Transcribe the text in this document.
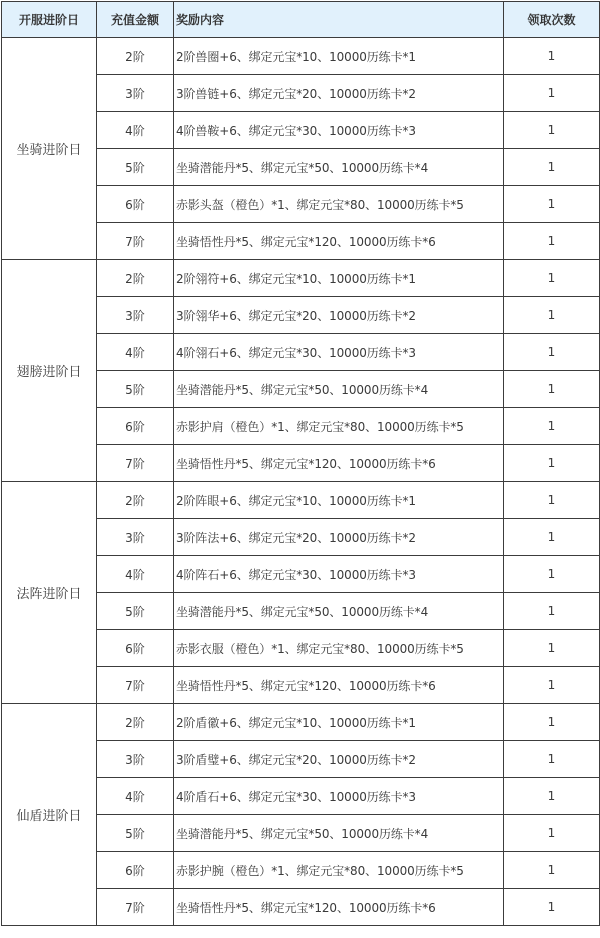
开服进阶日	充值金额	奖励内容	领取次数
坐骑进阶日	2阶	2阶兽圈+6、绑定元宝*10、10000历练卡*1	1
	3阶	3阶兽链+6、绑定元宝*20、10000历练卡*2	1
	4阶	4阶兽鞍+6、绑定元宝*30、10000历练卡*3	1
	5阶	坐骑潜能丹*5、绑定元宝*50、10000历练卡*4	1
	6阶	赤影头盔（橙色）*1、绑定元宝*80、10000历练卡*5	1
	7阶	坐骑悟性丹*5、绑定元宝*120、10000历练卡*6	1
翅膀进阶日	2阶	2阶翎符+6、绑定元宝*10、10000历练卡*1	1
	3阶	3阶翎华+6、绑定元宝*20、10000历练卡*2	1
	4阶	4阶翎石+6、绑定元宝*30、10000历练卡*3	1
	5阶	坐骑潜能丹*5、绑定元宝*50、10000历练卡*4	1
	6阶	赤影护肩（橙色）*1、绑定元宝*80、10000历练卡*5	1
	7阶	坐骑悟性丹*5、绑定元宝*120、10000历练卡*6	1
法阵进阶日	2阶	2阶阵眼+6、绑定元宝*10、10000历练卡*1	1
	3阶	3阶阵法+6、绑定元宝*20、10000历练卡*2	1
	4阶	4阶阵石+6、绑定元宝*30、10000历练卡*3	1
	5阶	坐骑潜能丹*5、绑定元宝*50、10000历练卡*4	1
	6阶	赤影衣服（橙色）*1、绑定元宝*80、10000历练卡*5	1
	7阶	坐骑悟性丹*5、绑定元宝*120、10000历练卡*6	1
仙盾进阶日	2阶	2阶盾徽+6、绑定元宝*10、10000历练卡*1	1
	3阶	3阶盾璧+6、绑定元宝*20、10000历练卡*2	1
	4阶	4阶盾石+6、绑定元宝*30、10000历练卡*3	1
	5阶	坐骑潜能丹*5、绑定元宝*50、10000历练卡*4	1
	6阶	赤影护腕（橙色）*1、绑定元宝*80、10000历练卡*5	1
	7阶	坐骑悟性丹*5、绑定元宝*120、10000历练卡*6	1
